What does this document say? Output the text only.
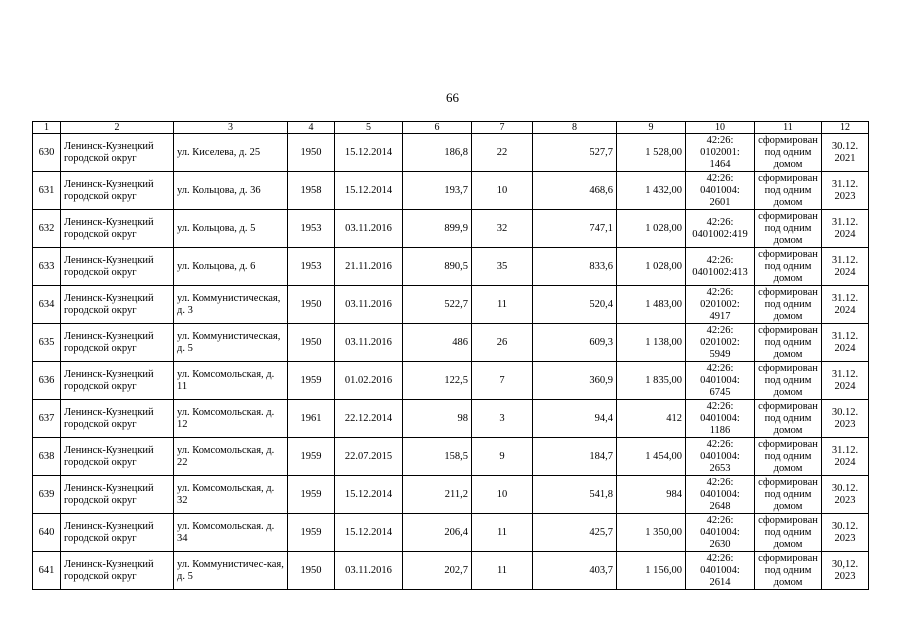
66
1	2	3	4	5	6	7	8	9	10	11	12
630	Ленинск-Кузнецкий городской округ	ул. Киселева, д. 25	1950	15.12.2014	186,8	22	527,7	1 528,00	42:26: 0102001: 1464	сформирован под одним домом	30.12. 2021
631	Ленинск-Кузнецкий городской округ	ул. Кольцова, д. 36	1958	15.12.2014	193,7	10	468,6	1 432,00	42:26: 0401004: 2601	сформирован под одним домом	31.12. 2023
632	Ленинск-Кузнецкий городской округ	ул. Кольцова, д. 5	1953	03.11.2016	899,9	32	747,1	1 028,00	42:26: 0401002:419	сформирован под одним домом	31.12. 2024
633	Ленинск-Кузнецкий городской округ	ул. Кольцова, д. 6	1953	21.11.2016	890,5	35	833,6	1 028,00	42:26: 0401002:413	сформирован под одним домом	31.12. 2024
634	Ленинск-Кузнецкий городской округ	ул. Коммунистическая, д. 3	1950	03.11.2016	522,7	11	520,4	1 483,00	42:26: 0201002: 4917	сформирован под одним домом	31.12. 2024
635	Ленинск-Кузнецкий городской округ	ул. Коммунистическая, д. 5	1950	03.11.2016	486	26	609,3	1 138,00	42:26: 0201002: 5949	сформирован под одним домом	31.12. 2024
636	Ленинск-Кузнецкий городской округ	ул. Комсомольская, д. 11	1959	01.02.2016	122,5	7	360,9	1 835,00	42:26: 0401004: 6745	сформирован под одним домом	31.12. 2024
637	Ленинск-Кузнецкий городской округ	ул. Комсомольская. д. 12	1961	22.12.2014	98	3	94,4	412	42:26: 0401004: 1186	сформирован под одним домом	30.12. 2023
638	Ленинск-Кузнецкий городской округ	ул. Комсомольская, д. 22	1959	22.07.2015	158,5	9	184,7	1 454,00	42:26: 0401004: 2653	сформирован под одним домом	31.12. 2024
639	Ленинск-Кузнецкий городской округ	ул. Комсомольская, д. 32	1959	15.12.2014	211,2	10	541,8	984	42:26: 0401004: 2648	сформирован под одним домом	30.12. 2023
640	Ленинск-Кузнецкий городской округ	ул. Комсомольская. д. 34	1959	15.12.2014	206,4	11	425,7	1 350,00	42:26: 0401004: 2630	сформирован под одним домом	30.12. 2023
641	Ленинск-Кузнецкий городской округ	ул. Коммунистичес-кая, д. 5	1950	03.11.2016	202,7	11	403,7	1 156,00	42:26: 0401004: 2614	сформирован под одним домом	30,12. 2023
